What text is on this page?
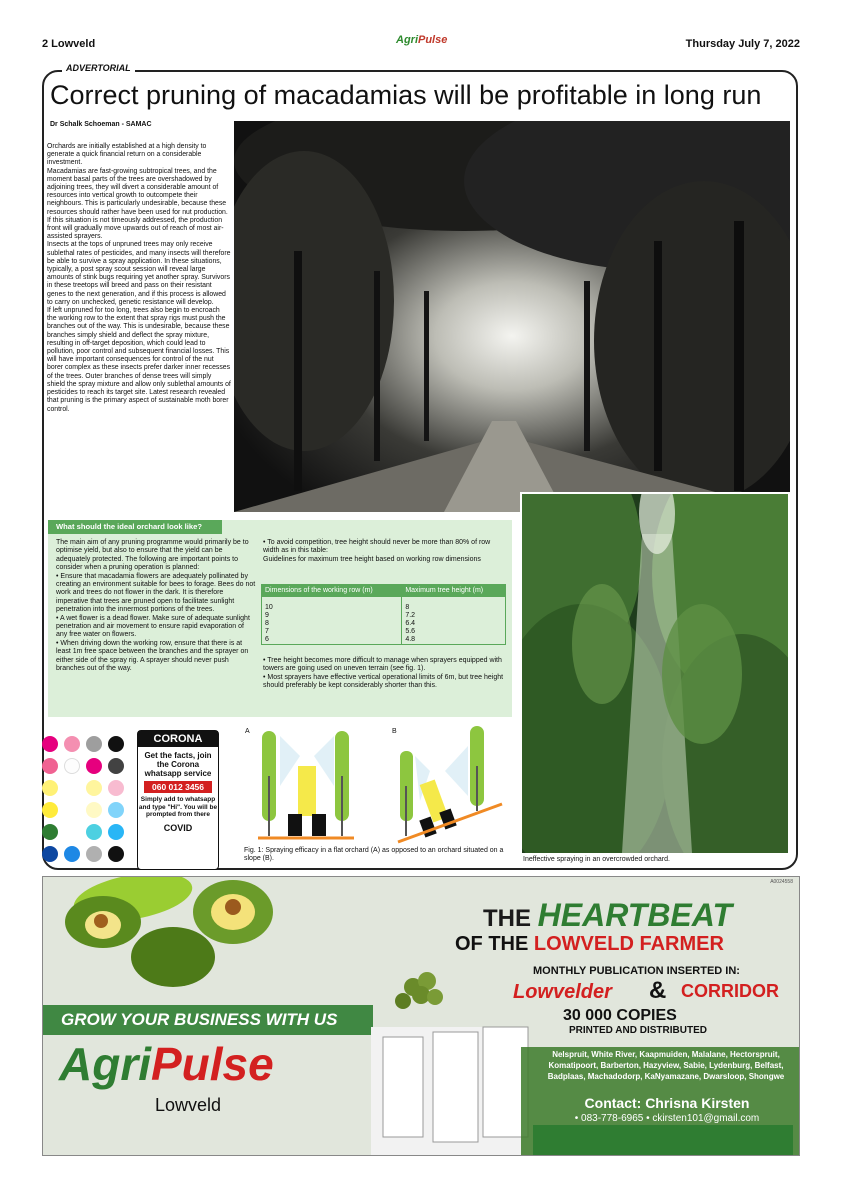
2 Lowveld	AgriPulse	Thursday July 7, 2022
ADVERTORIAL
Correct pruning of macadamias will be profitable in long run
Dr Schalk Schoeman - SAMAC

Orchards are initially established at a high density to generate a quick financial return on a considerable investment.

Macadamias are fast-growing subtropical trees, and the moment basal parts of the trees are overshadowed by adjoining trees, they will divert a considerable amount of resources into vertical growth to outcompete their neighbours. This is particularly undesirable, because these resources should rather have been used for nut production. If this situation is not timeously addressed, the production front will gradually move upwards out of reach of most air-assisted sprayers.

Insects at the tops of unpruned trees may only receive sublethal rates of pesticides, and many insects will therefore be able to survive a spray application. In these situations, typically, a post spray scout session will reveal large amounts of stink bugs requiring yet another spray. Survivors in these treetops will breed and pass on their resistant genes to the next generation, and if this process is allowed to carry on unchecked, genetic resistance will develop.

If left unpruned for too long, trees also begin to encroach the working row to the extent that spray rigs must push the branches out of the way. This is undesirable, because these branches simply shield and deflect the spray mixture, resulting in off-target deposition, which could lead to pollution, poor control and subsequent financial losses. This will have important consequences for control of the nut borer complex as these insects prefer darker inner recesses of the trees. Outer branches of dense trees will simply shield the spray mixture and allow only sublethal amounts of pesticides to reach its target site. Latest research revealed that pruning is the primary aspect of sustainable moth borer control.

What should the ideal orchard look like?

The main aim of any pruning programme would primarily be to optimise yield, but also to ensure that the yield can be adequately protected. The following are important points to consider when a pruning operation is planned:

• Ensure that macadamia flowers are adequately pollinated by creating an environment suitable for bees to forage. Bees do not work and trees do not flower in the dark. It is therefore imperative that trees are pruned open to facilitate sunlight penetration into the innermost portions of the trees.

• A wet flower is a dead flower. Make sure of adequate sunlight penetration and air movement to ensure rapid evaporation of any free water on flowers.

• When driving down the working row, ensure that there is at least 1m free space between the branches and the sprayer on either side of the spray rig. A sprayer should never push branches out of the way.

• To avoid competition, tree height should never be more than 80% of row width as in this table:

Guidelines for maximum tree height based on working row dimensions

Dimensions of the working row (m)	Maximum tree height (m)
10	8
9	7.2
8	6.4
7	5.6
6	4.8

• Tree height becomes more difficult to manage when sprayers equipped with towers are going used on uneven terrain (see fig. 1).

• Most sprayers have effective vertical operational limits of 6m, but tree height should preferably be kept considerably shorter than this.

Ineffective spraying in an overcrowded orchard.
CORONA
Get the facts, join the Corona whatsapp service
060 012 3456
Simply add to whatsapp and type "Hi". You will be prompted from there
COVID
A	B
Fig. 1: Spraying efficacy in a flat orchard (A) as opposed to an orchard situated on a slope (B).
A0024558
THE HEARTBEAT
OF THE LOWVELD FARMER
MONTHLY PUBLICATION INSERTED IN:
Lowvelder & CORRIDOR
30 000 COPIES
PRINTED AND DISTRIBUTED
GROW YOUR BUSINESS WITH US
AgriPulse
Lowveld
Nelspruit, White River, Kaapmuiden, Malalane, Hectorspruit, Komatipoort, Barberton, Hazyview, Sabie, Lydenburg, Belfast, Badplaas, Machadodorp, KaNyamazane, Dwarsloop, Shongwe
Contact: Chrisna Kirsten
• 083-778-6965 • ckirsten101@gmail.com
